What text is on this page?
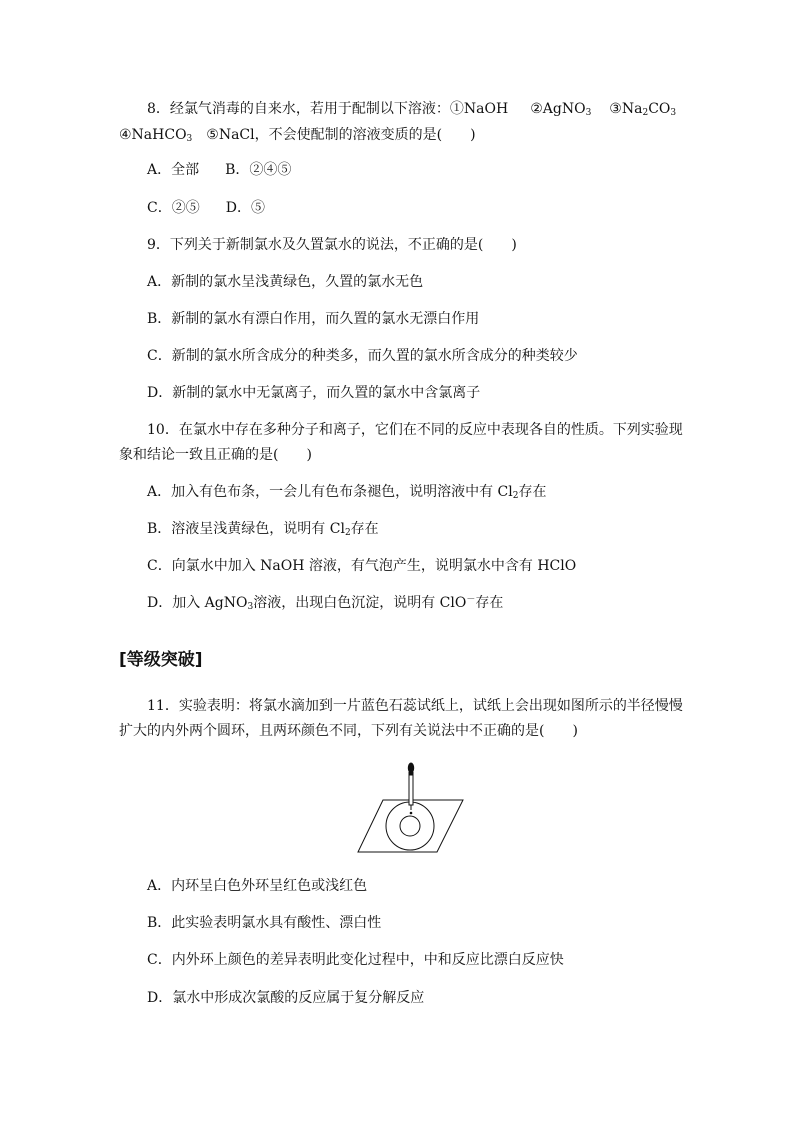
8．经氯气消毒的自来水，若用于配制以下溶液：①NaOH ②AgNO$_3$ $③Na_2CO_3$
④NaHCO$_3$ ⑤NaCl，不会使配制的溶液变质的是(　　)
A．全部 B．②④⑤
C．②⑤ D．⑤
9．下列关于新制氯水及久置氯水的说法，不正确的是(　　)
A．新制的氯水呈浅黄绿色，久置的氯水无色
B．新制的氯水有漂白作用，而久置的氯水无漂白作用
C．新制的氯水所含成分的种类多，而久置的氯水所含成分的种类较少
D．新制的氯水中无氯离子，而久置的氯水中含氯离子
10．在氯水中存在多种分子和离子，它们在不同的反应中表现各自的性质。下列实验现
象和结论一致且正确的是(　　)
A．加入有色布条，一会儿有色布条褪色，说明溶液中有 $Cl_2$存在
B．溶液呈浅黄绿色，说明有 $Cl_2$存在
C．向氯水中加入 NaOH 溶液，有气泡产生，说明氯水中含有 HClO
D．加入 AgNO$_3$溶液，出现白色沉淀，说明有 ClO－存在
[等级突破]
11．实验表明：将氯水滴加到一片蓝色石蕊试纸上，试纸上会出现如图所示的半径慢慢
扩大的内外两个圆环，且两环颜色不同，下列有关说法中不正确的是(　　)
A．内环呈白色外环呈红色或浅红色
B．此实验表明氯水具有酸性、漂白性
C．内外环上颜色的差异表明此变化过程中，中和反应比漂白反应快
D．氯水中形成次氯酸的反应属于复分解反应
